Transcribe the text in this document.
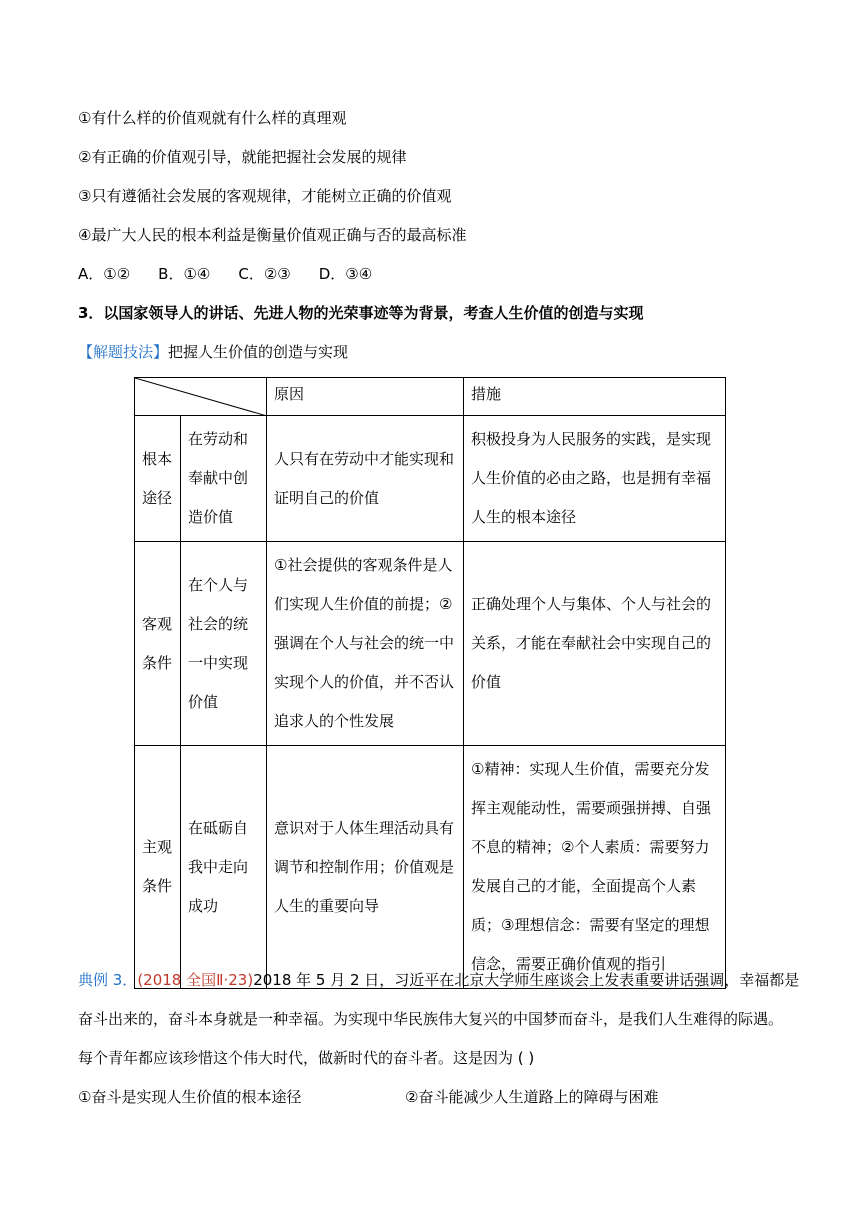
①有什么样的价值观就有什么样的真理观
②有正确的价值观引导，就能把握社会发展的规律
③只有遵循社会发展的客观规律，才能树立正确的价值观
④最广大人民的根本利益是衡量价值观正确与否的最高标准
A．①② B．①④ C．②③ D．③④
3．以国家领导人的讲话、先进人物的光荣事迹等为背景，考查人生价值的创造与实现
【解题技法】把握人生价值的创造与实现
	原因	措施
根本途径	在劳动和奉献中创造价值	人只有在劳动中才能实现和证明自己的价值	积极投身为人民服务的实践，是实现人生价值的必由之路，也是拥有幸福人生的根本途径
客观条件	在个人与社会的统一中实现价值	①社会提供的客观条件是人们实现人生价值的前提；②强调在个人与社会的统一中实现个人的价值，并不否认追求人的个性发展	正确处理个人与集体、个人与社会的关系，才能在奉献社会中实现自己的价值
主观条件	在砥砺自我中走向成功	意识对于人体生理活动具有调节和控制作用；价值观是人生的重要向导	①精神：实现人生价值，需要充分发挥主观能动性，需要顽强拼搏、自强不息的精神；②个人素质：需要努力发展自己的才能，全面提高个人素质；③理想信念：需要有坚定的理想信念，需要正确价值观的指引
典例 3．(2018 全国Ⅱ·23)2018 年 5 月 2 日，习近平在北京大学师生座谈会上发表重要讲话强调，幸福都是
奋斗出来的，奋斗本身就是一种幸福。为实现中华民族伟大复兴的中国梦而奋斗，是我们人生难得的际遇。
每个青年都应该珍惜这个伟大时代，做新时代的奋斗者。这是因为 ( )
①奋斗是实现人生价值的根本途径	②奋斗能减少人生道路上的障碍与困难
